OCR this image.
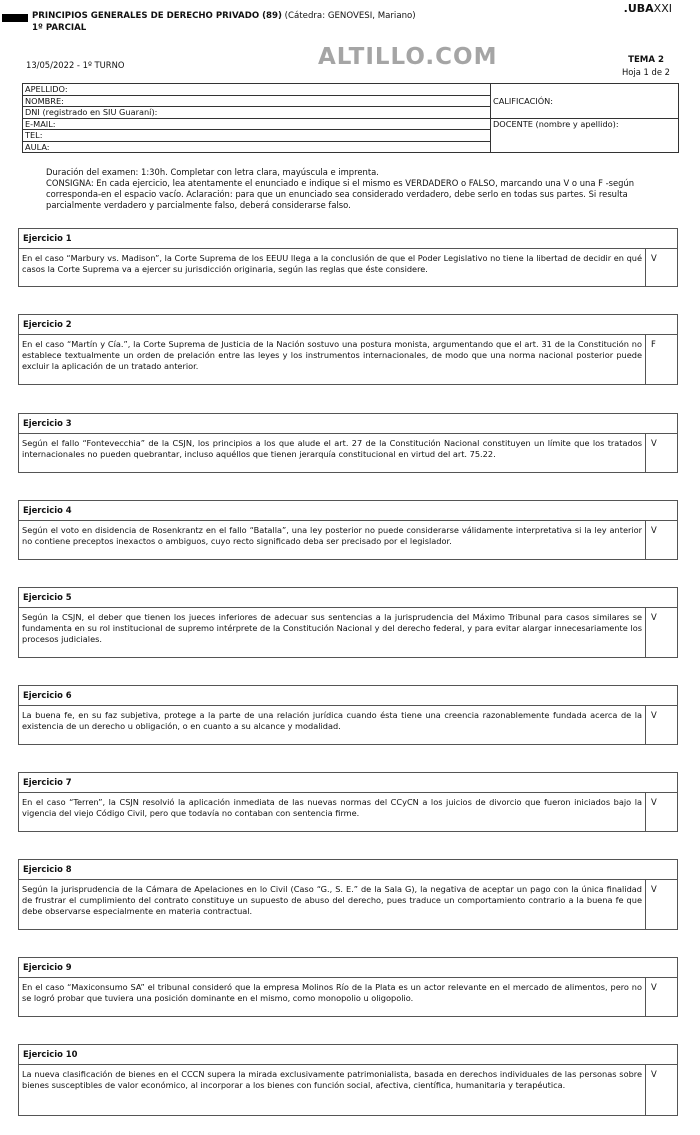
PRINCIPIOS GENERALES DE DERECHO PRIVADO (89) (Cátedra: GENOVESI, Mariano)
1º PARCIAL
.UBAXXI
13/05/2022 - 1º TURNO	ALTILLO.COM	TEMA 2
Hoja 1 de 2
APELLIDO:	CALIFICACIÓN:
NOMBRE:	
DNI (registrado en SIU Guaraní):	
E-MAIL:	DOCENTE (nombre y apellido):
TEL:	
AULA:	

Duración del examen: 1:30h. Completar con letra clara, mayúscula e imprenta.

CONSIGNA: En cada ejercicio, lea atentamente el enunciado e indique si el mismo es VERDADERO o FALSO, marcando una V o una F -según corresponda-en el espacio vacío. Aclaración: para que un enunciado sea considerado verdadero, debe serlo en todas sus partes. Si resulta parcialmente verdadero y parcialmente falso, deberá considerarse falso.

Ejercicio 1
En el caso “Marbury vs. Madison”, la Corte Suprema de los EEUU llega a la conclusión de que el Poder Legislativo no tiene la libertad de decidir en qué casos la Corte Suprema va a ejercer su jurisdicción originaria, según las reglas que éste considere.
V
Ejercicio 2
En el caso “Martín y Cía.”, la Corte Suprema de Justicia de la Nación sostuvo una postura monista, argumentando que el art. 31 de la Constitución no establece textualmente un orden de prelación entre las leyes y los instrumentos internacionales, de modo que una norma nacional posterior puede excluir la aplicación de un tratado anterior.
F
Ejercicio 3
Según el fallo “Fontevecchia” de la CSJN, los principios a los que alude el art. 27 de la Constitución Nacional constituyen un límite que los tratados internacionales no pueden quebrantar, incluso aquéllos que tienen jerarquía constitucional en virtud del art. 75.22.
V
Ejercicio 4
Según el voto en disidencia de Rosenkrantz en el fallo “Batalla”, una ley posterior no puede considerarse válidamente interpretativa si la ley anterior no contiene preceptos inexactos o ambiguos, cuyo recto significado deba ser precisado por el legislador.
V
Ejercicio 5
Según la CSJN, el deber que tienen los jueces inferiores de adecuar sus sentencias a la jurisprudencia del Máximo Tribunal para casos similares se fundamenta en su rol institucional de supremo intérprete de la Constitución Nacional y del derecho federal, y para evitar alargar innecesariamente los procesos judiciales.
V
Ejercicio 6
La buena fe, en su faz subjetiva, protege a la parte de una relación jurídica cuando ésta tiene una creencia razonablemente fundada acerca de la existencia de un derecho u obligación, o en cuanto a su alcance y modalidad.
V
Ejercicio 7
En el caso “Terren”, la CSJN resolvió la aplicación inmediata de las nuevas normas del CCyCN a los juicios de divorcio que fueron iniciados bajo la vigencia del viejo Código Civil, pero que todavía no contaban con sentencia firme.
V
Ejercicio 8
Según la jurisprudencia de la Cámara de Apelaciones en lo Civil (Caso “G., S. E.” de la Sala G), la negativa de aceptar un pago con la única finalidad de frustrar el cumplimiento del contrato constituye un supuesto de abuso del derecho, pues traduce un comportamiento contrario a la buena fe que debe observarse especialmente en materia contractual.
V
Ejercicio 9
En el caso “Maxiconsumo SA” el tribunal consideró que la empresa Molinos Río de la Plata es un actor relevante en el mercado de alimentos, pero no se logró probar que tuviera una posición dominante en el mismo, como monopolio u oligopolio.
V
Ejercicio 10
La nueva clasificación de bienes en el CCCN supera la mirada exclusivamente patrimonialista, basada en derechos individuales de las personas sobre bienes susceptibles de valor económico, al incorporar a los bienes con función social, afectiva, científica, humanitaria y terapéutica.
V
